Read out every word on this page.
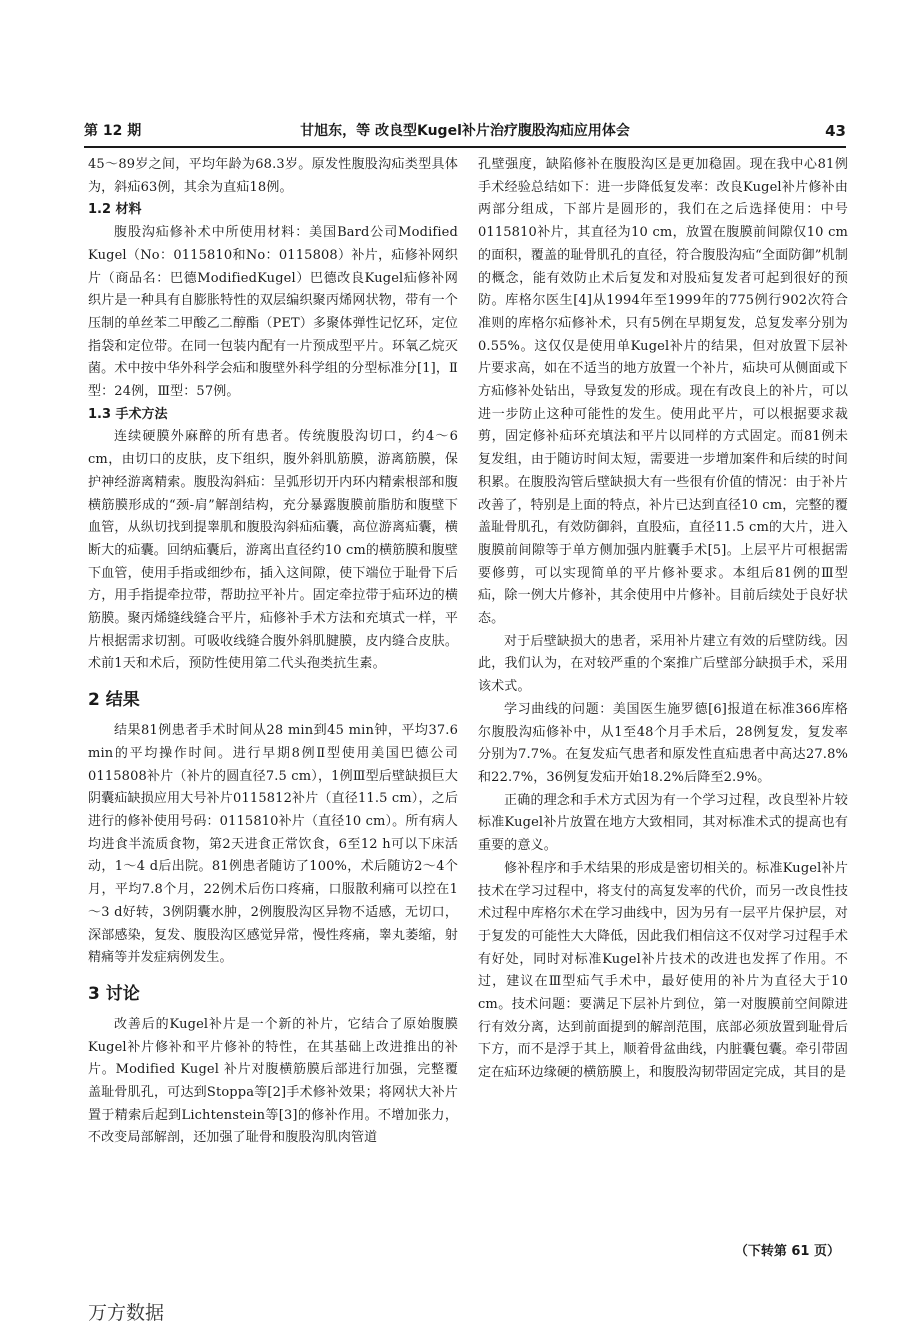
第 12 期	甘旭东，等 改良型Kugel补片治疗腹股沟疝应用体会	43

45～89岁之间，平均年龄为68.3岁。原发性腹股沟疝类型具体为，斜疝63例，其余为直疝18例。

1.2 材料

腹股沟疝修补术中所使用材料：美国Bard公司Modified Kugel（No：0115810和No：0115808）补片，疝修补网织片（商品名：巴德ModifiedKugel）巴德改良Kugel疝修补网织片是一种具有自膨胀特性的双层编织聚丙烯网状物，带有一个压制的单丝苯二甲酸乙二醇酯（PET）多聚体弹性记忆环，定位指袋和定位带。在同一包装内配有一片预成型平片。环氧乙烷灭菌。术中按中华外科学会疝和腹壁外科学组的分型标准分[1]，Ⅱ型：24例，Ⅲ型：57例。

1.3 手术方法

连续硬膜外麻醉的所有患者。传统腹股沟切口，约4～6 cm，由切口的皮肤，皮下组织，腹外斜肌筋膜，游离筋膜，保护神经游离精索。腹股沟斜疝：呈弧形切开内环内精索根部和腹横筋膜形成的“颈-肩”解剖结构，充分暴露腹膜前脂肪和腹壁下血管，从纵切找到提睾肌和腹股沟斜疝疝囊，高位游离疝囊，横断大的疝囊。回纳疝囊后，游离出直径约10 cm的横筋膜和腹壁下血管，使用手指或细纱布，插入这间隙，使下端位于耻骨下后方，用手指提牵拉带，帮助拉平补片。固定牵拉带于疝环边的横筋膜。聚丙烯缝线缝合平片，疝修补手术方法和充填式一样，平片根据需求切割。可吸收线缝合腹外斜肌腱膜，皮内缝合皮肤。术前1天和术后，预防性使用第二代头孢类抗生素。

2 结果

结果81例患者手术时间从28 min到45 min钟，平均37.6 min的平均操作时间。进行早期8例Ⅱ型使用美国巴德公司0115808补片（补片的圆直径7.5 cm），1例Ⅲ型后壁缺损巨大阴囊疝缺损应用大号补片0115812补片（直径11.5 cm），之后进行的修补使用号码：0115810补片（直径10 cm）。所有病人均进食半流质食物，第2天进食正常饮食，6至12 h可以下床活动，1～4 d后出院。81例患者随访了100%，术后随访2～4个月，平均7.8个月，22例术后伤口疼痛，口服散利痛可以控在1～3 d好转，3例阴囊水肿，2例腹股沟区异物不适感，无切口，深部感染，复发、腹股沟区感觉异常，慢性疼痛，睾丸萎缩，射精痛等并发症病例发生。

3 讨论

改善后的Kugel补片是一个新的补片，它结合了原始腹膜Kugel补片修补和平片修补的特性，在其基础上改进推出的补片。Modified Kugel 补片对腹横筋膜后部进行加强，完整覆盖耻骨肌孔，可达到Stoppa等[2]手术修补效果；将网状大补片置于精索后起到Lichtenstein等[3]的修补作用。不增加张力，不改变局部解剖，还加强了耻骨和腹股沟肌肉管道

孔壁强度，缺陷修补在腹股沟区是更加稳固。现在我中心81例手术经验总结如下：进一步降低复发率：改良Kugel补片修补由两部分组成，下部片是圆形的，我们在之后选择使用：中号0115810补片，其直径为10 cm，放置在腹膜前间隙仅10 cm的面积，覆盖的耻骨肌孔的直径，符合腹股沟疝“全面防御”机制的概念，能有效防止术后复发和对股疝复发者可起到很好的预防。库格尔医生[4]从1994年至1999年的775例行902次符合准则的库格尔疝修补术，只有5例在早期复发，总复发率分别为0.55%。这仅仅是使用单Kugel补片的结果，但对放置下层补片要求高，如在不适当的地方放置一个补片，疝块可从侧面或下方疝修补处钻出，导致复发的形成。现在有改良上的补片，可以进一步防止这种可能性的发生。使用此平片，可以根据要求裁剪，固定修补疝环充填法和平片以同样的方式固定。而81例未复发组，由于随访时间太短，需要进一步增加案件和后续的时间积累。在腹股沟管后壁缺损大有一些很有价值的情况：由于补片改善了，特别是上面的特点，补片已达到直径10 cm，完整的覆盖耻骨肌孔，有效防御斜，直股疝，直径11.5 cm的大片，进入腹膜前间隙等于单方侧加强内脏囊手术[5]。上层平片可根据需要修剪，可以实现简单的平片修补要求。本组后81例的Ⅲ型疝，除一例大片修补，其余使用中片修补。目前后续处于良好状态。

对于后壁缺损大的患者，采用补片建立有效的后壁防线。因此，我们认为，在对较严重的个案推广后壁部分缺损手术，采用该术式。

学习曲线的问题：美国医生施罗德[6]报道在标准366库格尔腹股沟疝修补中，从1至48个月手术后，28例复发，复发率分别为7.7%。在复发疝气患者和原发性直疝患者中高达27.8%和22.7%，36例复发疝开始18.2%后降至2.9%。

正确的理念和手术方式因为有一个学习过程，改良型补片较标准Kugel补片放置在地方大致相同，其对标准术式的提高也有重要的意义。

修补程序和手术结果的形成是密切相关的。标准Kugel补片技术在学习过程中，将支付的高复发率的代价，而另一改良性技术过程中库格尔术在学习曲线中，因为另有一层平片保护层，对于复发的可能性大大降低，因此我们相信这不仅对学习过程手术有好处，同时对标准Kugel补片技术的改进也发挥了作用。不过，建议在Ⅲ型疝气手术中，最好使用的补片为直径大于10 cm。技术问题：要满足下层补片到位，第一对腹膜前空间隙进行有效分离，达到前面提到的解剖范围，底部必须放置到耻骨后下方，而不是浮于其上，顺着骨盆曲线，内脏囊包囊。牵引带固定在疝环边缘硬的横筋膜上，和腹股沟韧带固定完成，其目的是

（下转第 61 页）
万方数据
